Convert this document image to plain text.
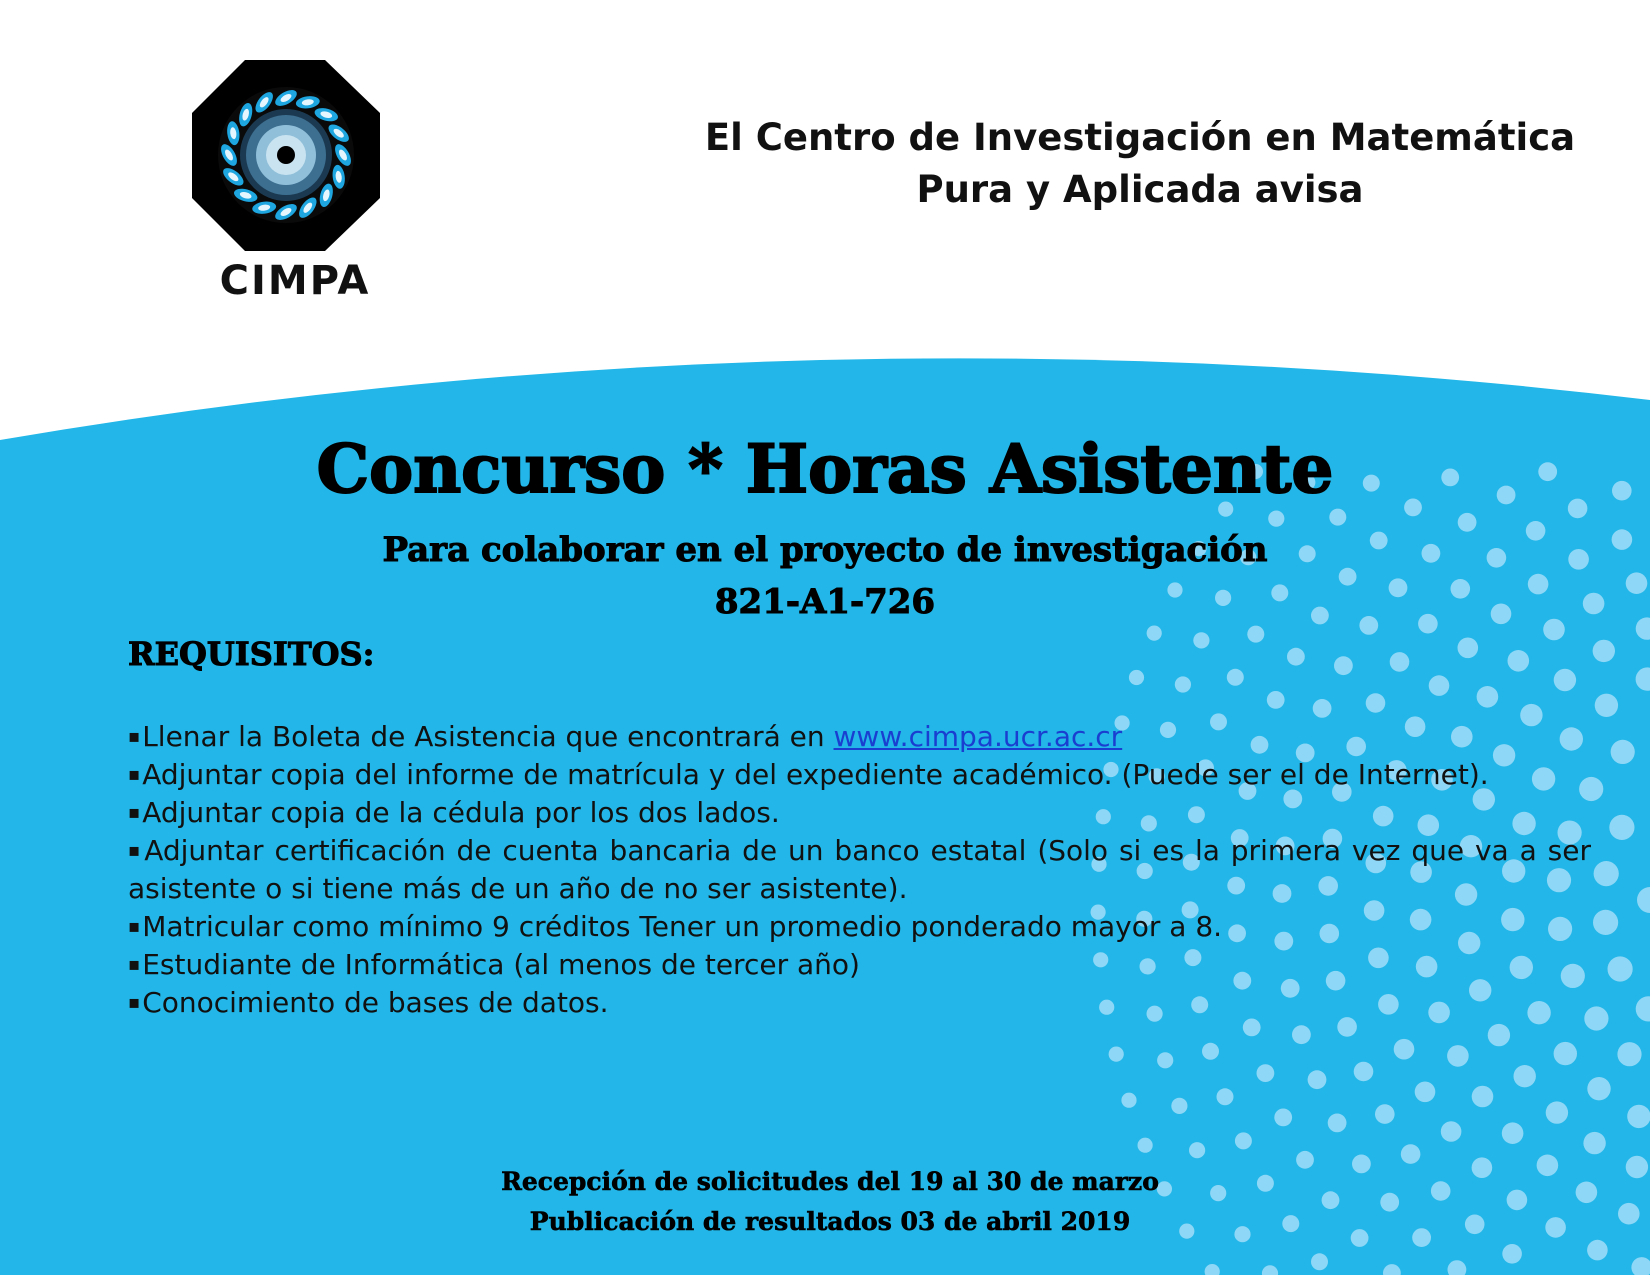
CIMPA
El Centro de Investigación en Matemática
Pura y Aplicada avisa
Concurso * Horas Asistente
Para colaborar en el proyecto de investigación
821-A1-726
REQUISITOS:
▪ Llenar la Boleta de Asistencia que encontrará en www.cimpa.ucr.ac.cr
▪ Adjuntar copia del informe de matrícula y del expediente académico. (Puede ser el de Internet).
▪ Adjuntar copia de la cédula por los dos lados.
▪ Adjuntar certificación de cuenta bancaria de un banco estatal (Solo si es la primera vez que va a ser asistente o si tiene más de un año de no ser asistente).
▪ Matricular como mínimo 9 créditos Tener un promedio ponderado mayor a 8.
▪ Estudiante de Informática (al menos de tercer año)
▪ Conocimiento de bases de datos.
Recepción de solicitudes del 19 al 30 de marzo
Publicación de resultados 03 de abril 2019
